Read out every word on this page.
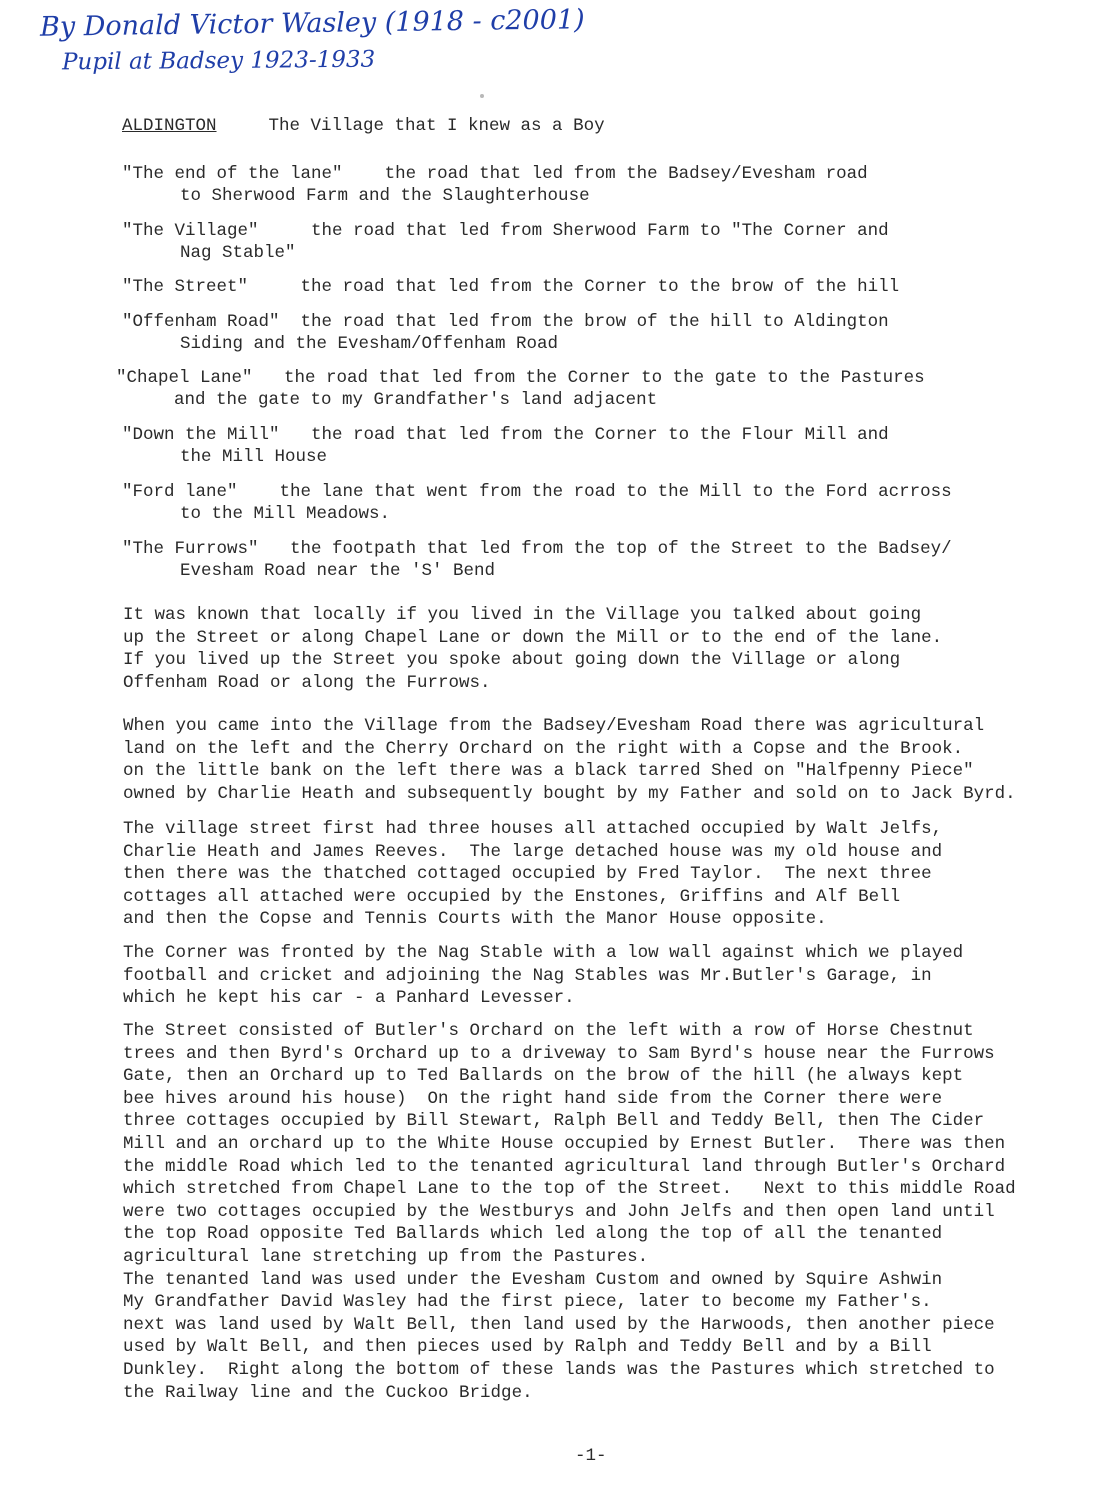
By Donald Victor Wasley (1918 - c2001)
Pupil at Badsey 1923-1933
ALDINGTON	The Village that I knew as a Boy
"The end of the lane" the road that led from the Badsey/Evesham road
to Sherwood Farm and the Slaughterhouse
"The Village"	the road that led from Sherwood Farm to "The Corner and
Nag Stable"
"The Street"	the road that led from the Corner to the brow of the hill
"Offenham Road" the road that led from the brow of the hill to Aldington
Siding and the Evesham/Offenham Road
"Chapel Lane" the road that led from the Corner to the gate to the Pastures
and the gate to my Grandfather's land adjacent
"Down the Mill" the road that led from the Corner to the Flour Mill and
the Mill House
"Ford lane" the lane that went from the road to the Mill to the Ford acrross
to the Mill Meadows.
"The Furrows" the footpath that led from the top of the Street to the Badsey/
Evesham Road near the 'S' Bend
It was known that locally if you lived in the Village you talked about going
up the Street or along Chapel Lane or down the Mill or to the end of the lane.
If you lived up the Street you spoke about going down the Village or along
Offenham Road or along the Furrows.
When you came into the Village from the Badsey/Evesham Road there was agricultural
land on the left and the Cherry Orchard on the right with a Copse and the Brook.
on the little bank on the left there was a black tarred Shed on "Halfpenny Piece"
owned by Charlie Heath and subsequently bought by my Father and sold on to Jack Byrd.
The village street first had three houses all attached occupied by Walt Jelfs,
Charlie Heath and James Reeves.  The large detached house was my old house and
then there was the thatched cottaged occupied by Fred Taylor.  The next three
cottages all attached were occupied by the Enstones, Griffins and Alf Bell
and then the Copse and Tennis Courts with the Manor House opposite.
The Corner was fronted by the Nag Stable with a low wall against which we played
football and cricket and adjoining the Nag Stables was Mr.Butler's Garage, in
which he kept his car - a Panhard Levesser.
The Street consisted of Butler's Orchard on the left with a row of Horse Chestnut
trees and then Byrd's Orchard up to a driveway to Sam Byrd's house near the Furrows
Gate, then an Orchard up to Ted Ballards on the brow of the hill (he always kept
bee hives around his house)  On the right hand side from the Corner there were
three cottages occupied by Bill Stewart, Ralph Bell and Teddy Bell, then The Cider
Mill and an orchard up to the White House occupied by Ernest Butler.  There was then
the middle Road which led to the tenanted agricultural land through Butler's Orchard
which stretched from Chapel Lane to the top of the Street.   Next to this middle Road
were two cottages occupied by the Westburys and John Jelfs and then open land until
the top Road opposite Ted Ballards which led along the top of all the tenanted
agricultural lane stretching up from the Pastures.
The tenanted land was used under the Evesham Custom and owned by Squire Ashwin
My Grandfather David Wasley had the first piece, later to become my Father's.
next was land used by Walt Bell, then land used by the Harwoods, then another piece
used by Walt Bell, and then pieces used by Ralph and Teddy Bell and by a Bill
Dunkley.  Right along the bottom of these lands was the Pastures which stretched to
the Railway line and the Cuckoo Bridge.
-1-
